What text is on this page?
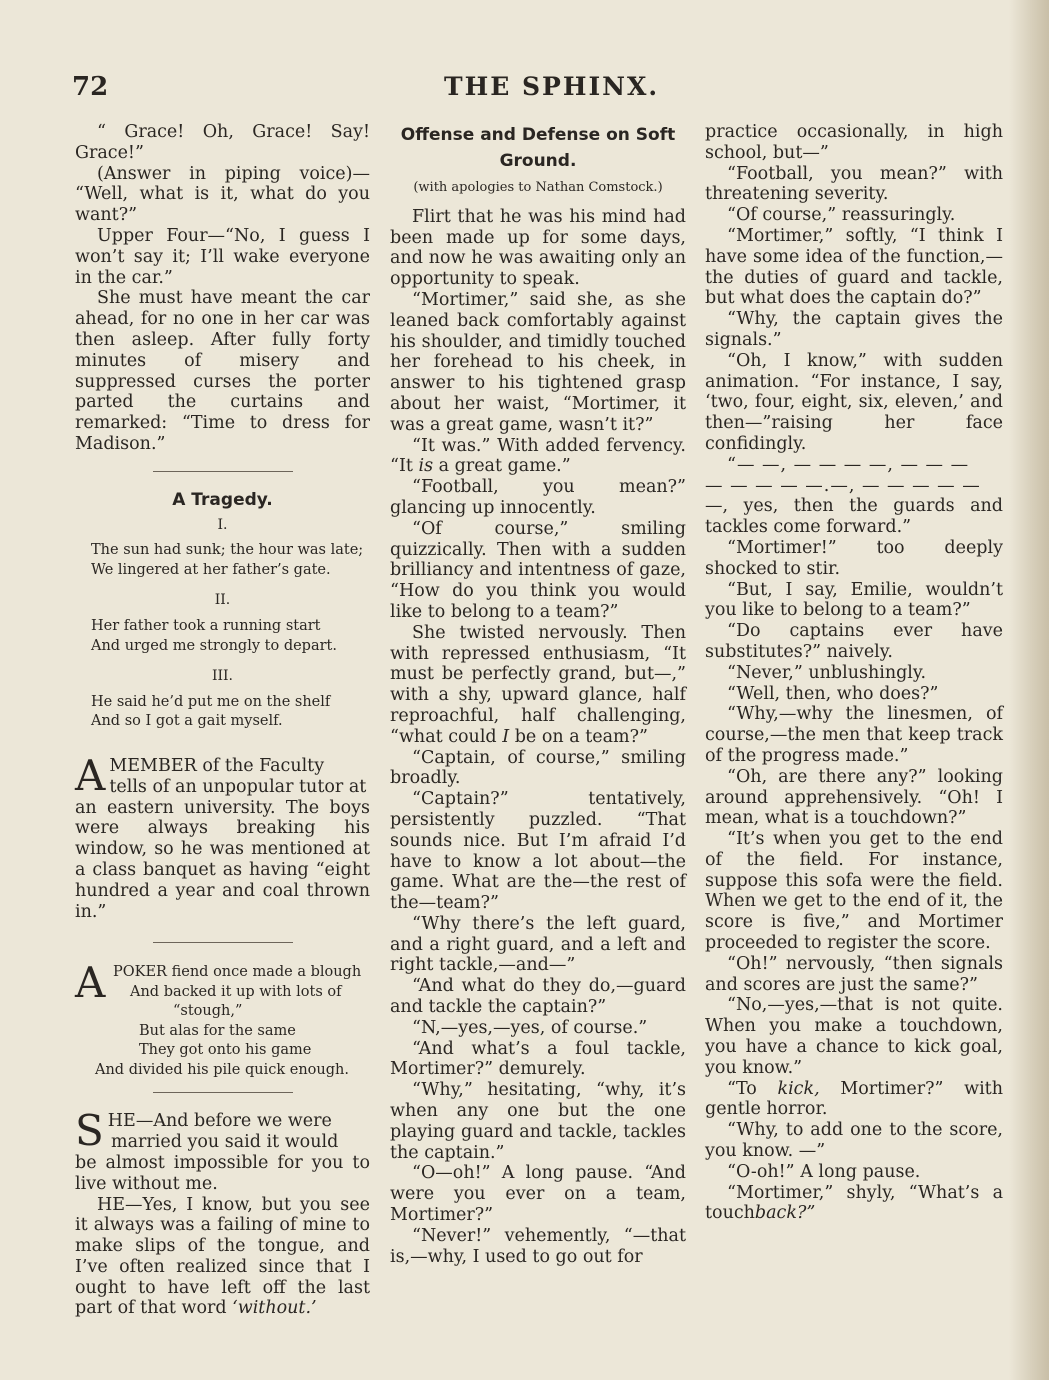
72	THE SPHINX.

“ Grace! Oh, Grace! Say! Grace!”

(Answer in piping voice)— “Well, what is it, what do you want?”

Upper Four—“No, I guess I won’t say it; I’ll wake everyone in the car.”

She must have meant the car ahead, for no one in her car was then asleep. After fully forty minutes of misery and suppressed curses the porter parted the curtains and remarked: “Time to dress for Madison.”

A Tragedy.
I.
The sun had sunk; the hour was late;
We lingered at her father’s gate.
II.
Her father took a running start
And urged me strongly to depart.
III.
He said he’d put me on the shelf
And so I got a gait myself.
A MEMBER of the Faculty

tells of an unpopular tutor at

an eastern university. The boys were always breaking his window, so he was mentioned at a class banquet as having “eight hundred a year and coal thrown in.”

A POKER fiend once made a blough
And backed it up with lots of
“stough,”
But alas for the same
They got onto his game
And divided his pile quick enough.
S HE—And before we were

married you said it would

be almost impossible for you to live without me.

HE—Yes, I know, but you see it always was a failing of mine to make slips of the tongue, and I’ve often realized since that I ought to have left off the last part of that word ‘without.’

Offense and Defense on Soft Ground.
(with apologies to Nathan Comstock.)

Flirt that he was his mind had been made up for some days, and now he was awaiting only an opportunity to speak.

“Mortimer,” said she, as she leaned back comfortably against his shoulder, and timidly touched her forehead to his cheek, in answer to his tightened grasp about her waist, “Mortimer, it was a great game, wasn’t it?”

“It was.” With added fervency. “It is a great game.”

“Football, you mean?” glancing up innocently.

“Of course,” smiling quizzically. Then with a sudden brilliancy and intentness of gaze, “How do you think you would like to belong to a team?”

She twisted nervously. Then with repressed enthusiasm, “It must be perfectly grand, but—,” with a shy, upward glance, half reproachful, half challenging, “what could I be on a team?”

“Captain, of course,” smiling broadly.

“Captain?” tentatively, persistently puzzled. “That sounds nice. But I’m afraid I’d have to know a lot about—the game. What are the—the rest of the—team?”

“Why there’s the left guard, and a right guard, and a left and right tackle,—and—”

“And what do they do,—guard and tackle the captain?”

“N,—yes,—yes, of course.”

“And what’s a foul tackle, Mortimer?” demurely.

“Why,” hesitating, “why, it’s when any one but the one playing guard and tackle, tackles the captain.”

“O—oh!” A long pause. “And were you ever on a team, Mortimer?”

“Never!” vehemently, “—that is,—why, I used to go out for

practice occasionally, in high school, but—”

“Football, you mean?” with threatening severity.

“Of course,” reassuringly.

“Mortimer,” softly, “I think I have some idea of the function,—the duties of guard and tackle, but what does the captain do?”

“Why, the captain gives the signals.”

“Oh, I know,” with sudden animation. “For instance, I say, ‘two, four, eight, six, eleven,’ and then—”raising her face confidingly.

“— —, — — — —, — — —

— — — — —.—, — — — — —

—, yes, then the guards and tackles come forward.”

“Mortimer!” too deeply shocked to stir.

“But, I say, Emilie, wouldn’t you like to belong to a team?”

“Do captains ever have substitutes?” naively.

“Never,” unblushingly.

“Well, then, who does?”

“Why,—why the linesmen, of course,—the men that keep track of the progress made.”

“Oh, are there any?” looking around apprehensively. “Oh! I mean, what is a touchdown?”

“It’s when you get to the end of the field. For instance, suppose this sofa were the field. When we get to the end of it, the score is five,” and Mortimer proceeded to register the score.

“Oh!” nervously, “then signals and scores are just the same?”

“No,—yes,—that is not quite. When you make a touchdown, you have a chance to kick goal, you know.”

“To kick, Mortimer?” with gentle horror.

“Why, to add one to the score, you know. —”

“O-oh!” A long pause.

“Mortimer,” shyly, “What’s a touchback?”
